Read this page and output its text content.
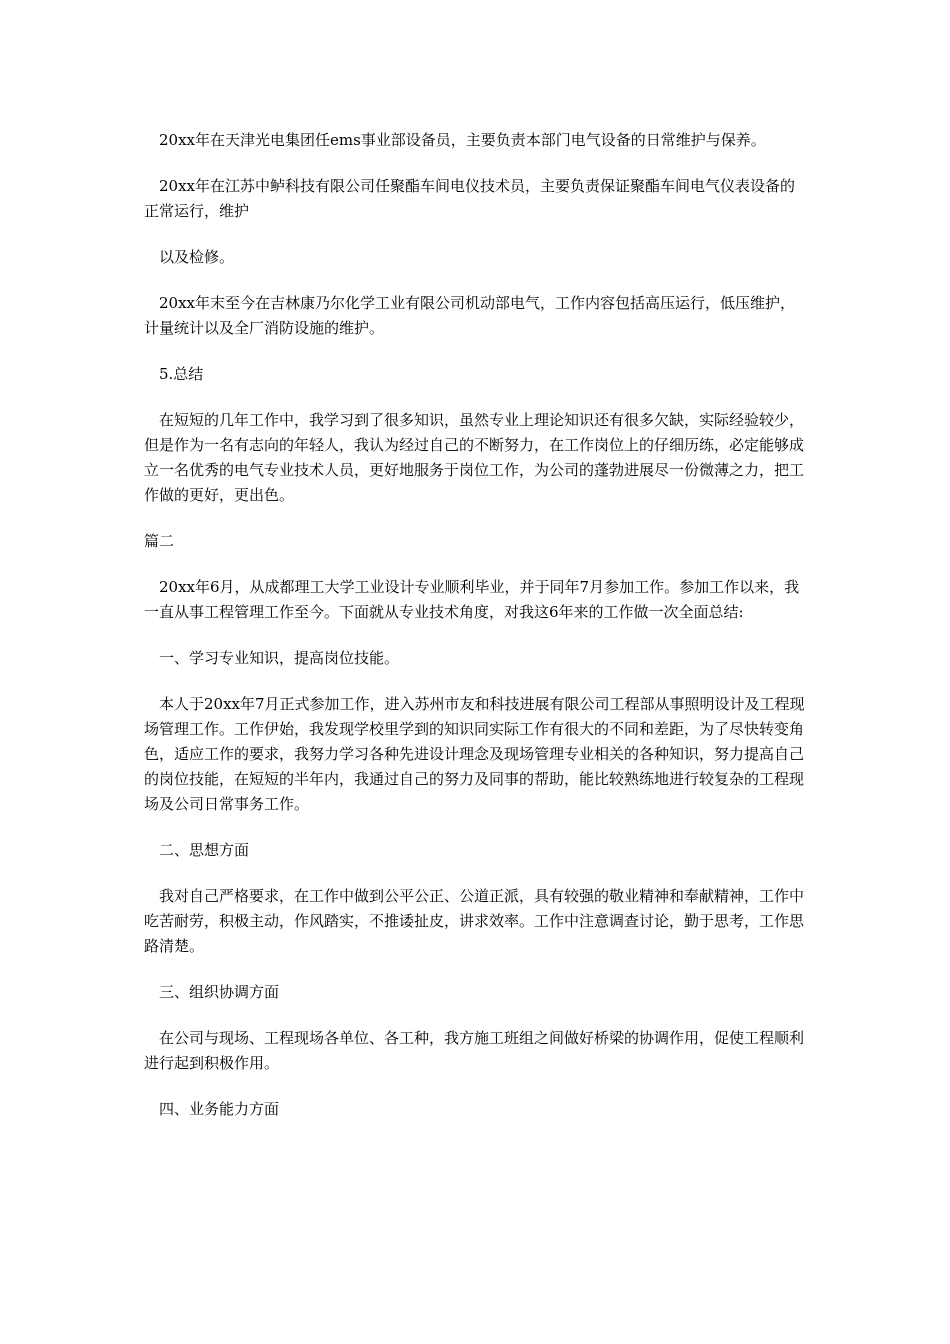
20xx年在天津光电集团任ems事业部设备员，主要负责本部门电气设备的日常维护与保养。

20xx年在江苏中鲈科技有限公司任聚酯车间电仪技术员，主要负责保证聚酯车间电气仪表设备的正常运行，维护

以及检修。

20xx年末至今在吉林康乃尔化学工业有限公司机动部电气，工作内容包括高压运行，低压维护，计量统计以及全厂消防设施的维护。

5.总结

在短短的几年工作中，我学习到了很多知识，虽然专业上理论知识还有很多欠缺，实际经验较少，但是作为一名有志向的年轻人，我认为经过自己的不断努力，在工作岗位上的仔细历练，必定能够成立一名优秀的电气专业技术人员，更好地服务于岗位工作，为公司的蓬勃进展尽一份微薄之力，把工作做的更好，更出色。

篇二

20xx年6月，从成都理工大学工业设计专业顺利毕业，并于同年7月参加工作。参加工作以来，我一直从事工程管理工作至今。下面就从专业技术角度，对我这6年来的工作做一次全面总结:

一、学习专业知识，提高岗位技能。

本人于20xx年7月正式参加工作，进入苏州市友和科技进展有限公司工程部从事照明设计及工程现场管理工作。工作伊始，我发现学校里学到的知识同实际工作有很大的不同和差距，为了尽快转变角色，适应工作的要求，我努力学习各种先进设计理念及现场管理专业相关的各种知识，努力提高自己的岗位技能，在短短的半年内，我通过自己的努力及同事的帮助，能比较熟练地进行较复杂的工程现场及公司日常事务工作。

二、思想方面

我对自己严格要求，在工作中做到公平公正、公道正派，具有较强的敬业精神和奉献精神，工作中吃苦耐劳，积极主动，作风踏实，不推诿扯皮，讲求效率。工作中注意调查讨论，勤于思考，工作思路清楚。

三、组织协调方面

在公司与现场、工程现场各单位、各工种，我方施工班组之间做好桥梁的协调作用，促使工程顺利进行起到积极作用。

四、业务能力方面
